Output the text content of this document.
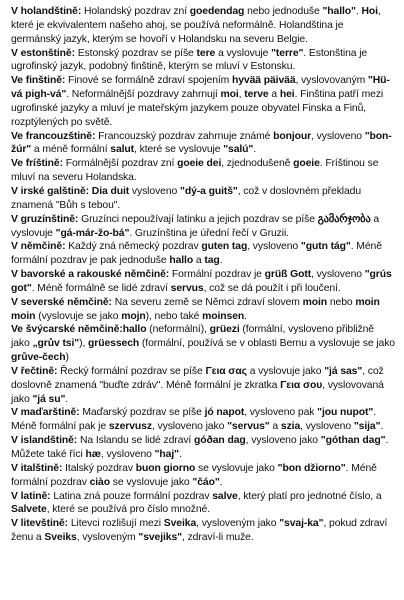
V holandštině: Holandský pozdrav zní goedendag nebo jednoduše "hallo". Hoi, které je ekvivalentem našeho ahoj, se používá neformálně. Holandština je germánský jazyk, kterým se hovoří v Holandsku na severu Belgie.

V estonštině: Estonský pozdrav se píše tere a vyslovuje "terre". Estonština je ugrofinský jazyk, podobný finštině, kterým se mluví v Estonsku.

Ve finštině: Finové se formálně zdraví spojením hyvää päivää, vyslovovaným "Hü-vá pigh-vá". Neformálnější pozdravy zahrnují moi, terve a hei. Finština patří mezi ugrofinské jazyky a mluví je mateřským jazykem pouze obyvatel Finska a Finů, rozptýlených po světě.

Ve francouzštině: Francouzský pozdrav zahrnuje známé bonjour, vysloveno "bon-žúr" a méně formální salut, které se vyslovuje "salú".

Ve fríštině: Formálnější pozdrav zní goeie dei, zjednodušeně goeie. Fríštinou se mluví na severu Holandska.

V irské galštině: Dia duit vysloveno "dý-a guitš", což v doslovném překladu znamená "Bůh s tebou".

V gruzínštině: Gruzínci nepoužívají latinku a jejich pozdrav se píše გამარჯობა a vyslovuje "gá-már-žo-bá". Gruzínština je úřední řečí v Gruzii.

V němčině: Každý zná německý pozdrav guten tag, vysloveno "gutn tág". Méně formální pozdrav je pak jednoduše hallo a tag.

V bavorské a rakouské němčině: Formální pozdrav je grüß Gott, vysloveno "grús got". Méně formálně se lidé zdraví servus, což se dá použít i při loučení.

V severské němčině: Na severu země se Němci zdraví slovem moin nebo moin moin (vyslovuje se jako mojn), nebo také moinsen.

Ve švýcarské němčině:hallo (neformální), grüezi (formální, vysloveno přibližně jako „grův tsi"), grüessech (formální, používá se v oblasti Bernu a vyslovuje se jako grůve-čech)

V řečtině: Řecký formální pozdrav se píše Γεια σας a vyslovuje jako "já sas", což doslovně znamená "buďte zdráv". Méně formální je zkratka Γεια σου, vyslovovaná jako "já su".

V maďarštině: Maďarský pozdrav se píše jó napot, vysloveno pak "jou nupot". Méně formální pak je szervusz, vysloveno jako "servus" a szia, vysloveno "sija".

V islandštině: Na Islandu se lidé zdraví góðan dag, vysloveno jako "góthan dag". Můžete také říci hæ, vysloveno "haj".

V italštině: Italský pozdrav buon giorno se vyslovuje jako "bon džiorno". Méně formální pozdrav ciào se vyslovuje jako "čáo".

V latině: Latina zná pouze formální pozdrav salve, který platí pro jednotné číslo, a Salvete, které se používá pro číslo množné.

V litevštině: Litevci rozlišují mezi Sveika, vysloveným jako "svaj-ka", pokud zdraví ženu a Sveiks, vysloveným "svejiks", zdraví-li muže.
